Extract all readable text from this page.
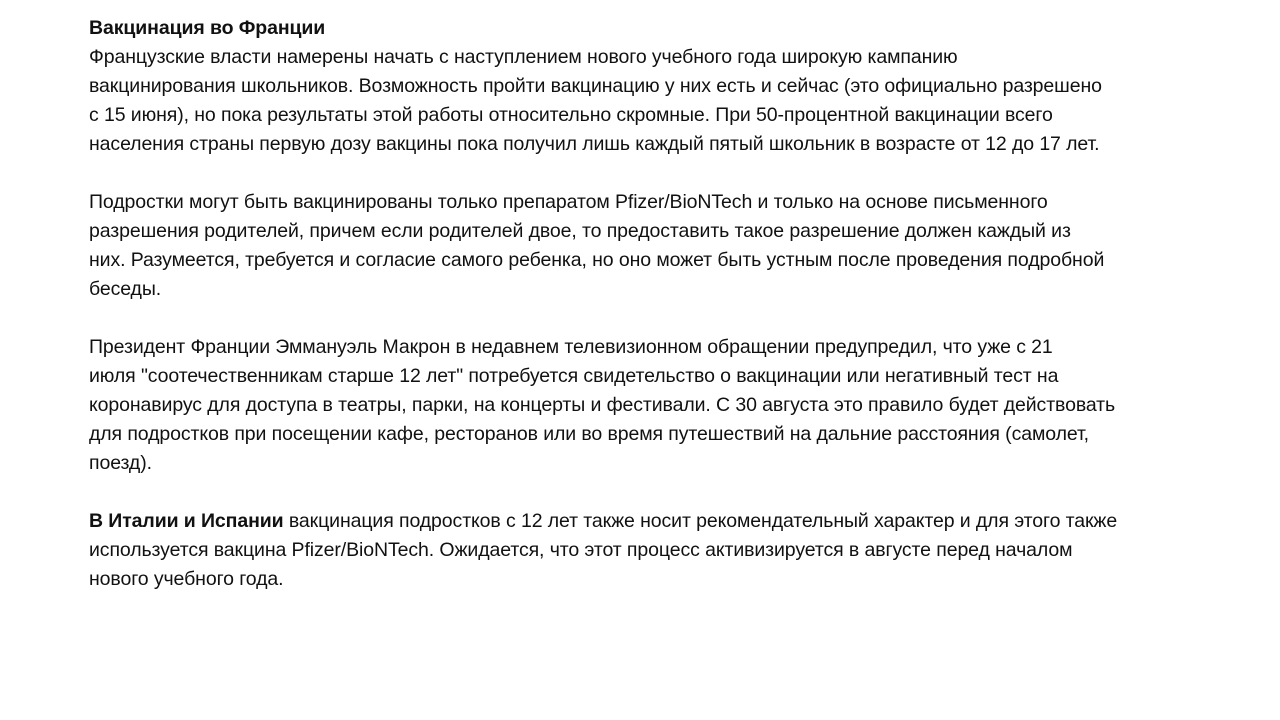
Вакцинация во Франции

Французские власти намерены начать с наступлением нового учебного года широкую кампанию
вакцинирования школьников. Возможность пройти вакцинацию у них есть и сейчас (это официально разрешено
с 15 июня), но пока результаты этой работы относительно скромные. При 50-процентной вакцинации всего
населения страны первую дозу вакцины пока получил лишь каждый пятый школьник в возрасте от 12 до 17 лет.

Подростки могут быть вакцинированы только препаратом Pfizer/BioNTech и только на основе письменного
разрешения родителей, причем если родителей двое, то предоставить такое разрешение должен каждый из
них. Разумеется, требуется и согласие самого ребенка, но оно может быть устным после проведения подробной
беседы.

Президент Франции Эммануэль Макрон в недавнем телевизионном обращении предупредил, что уже с 21
июля "соотечественникам старше 12 лет" потребуется свидетельство о вакцинации или негативный тест на
коронавирус для доступа в театры, парки, на концерты и фестивали. С 30 августа это правило будет действовать
для подростков при посещении кафе, ресторанов или во время путешествий на дальние расстояния (самолет,
поезд).

В Италии и Испании вакцинация подростков с 12 лет также носит рекомендательный характер и для этого также
используется вакцина Pfizer/BioNTech. Ожидается, что этот процесс активизируется в августе перед началом
нового учебного года.
